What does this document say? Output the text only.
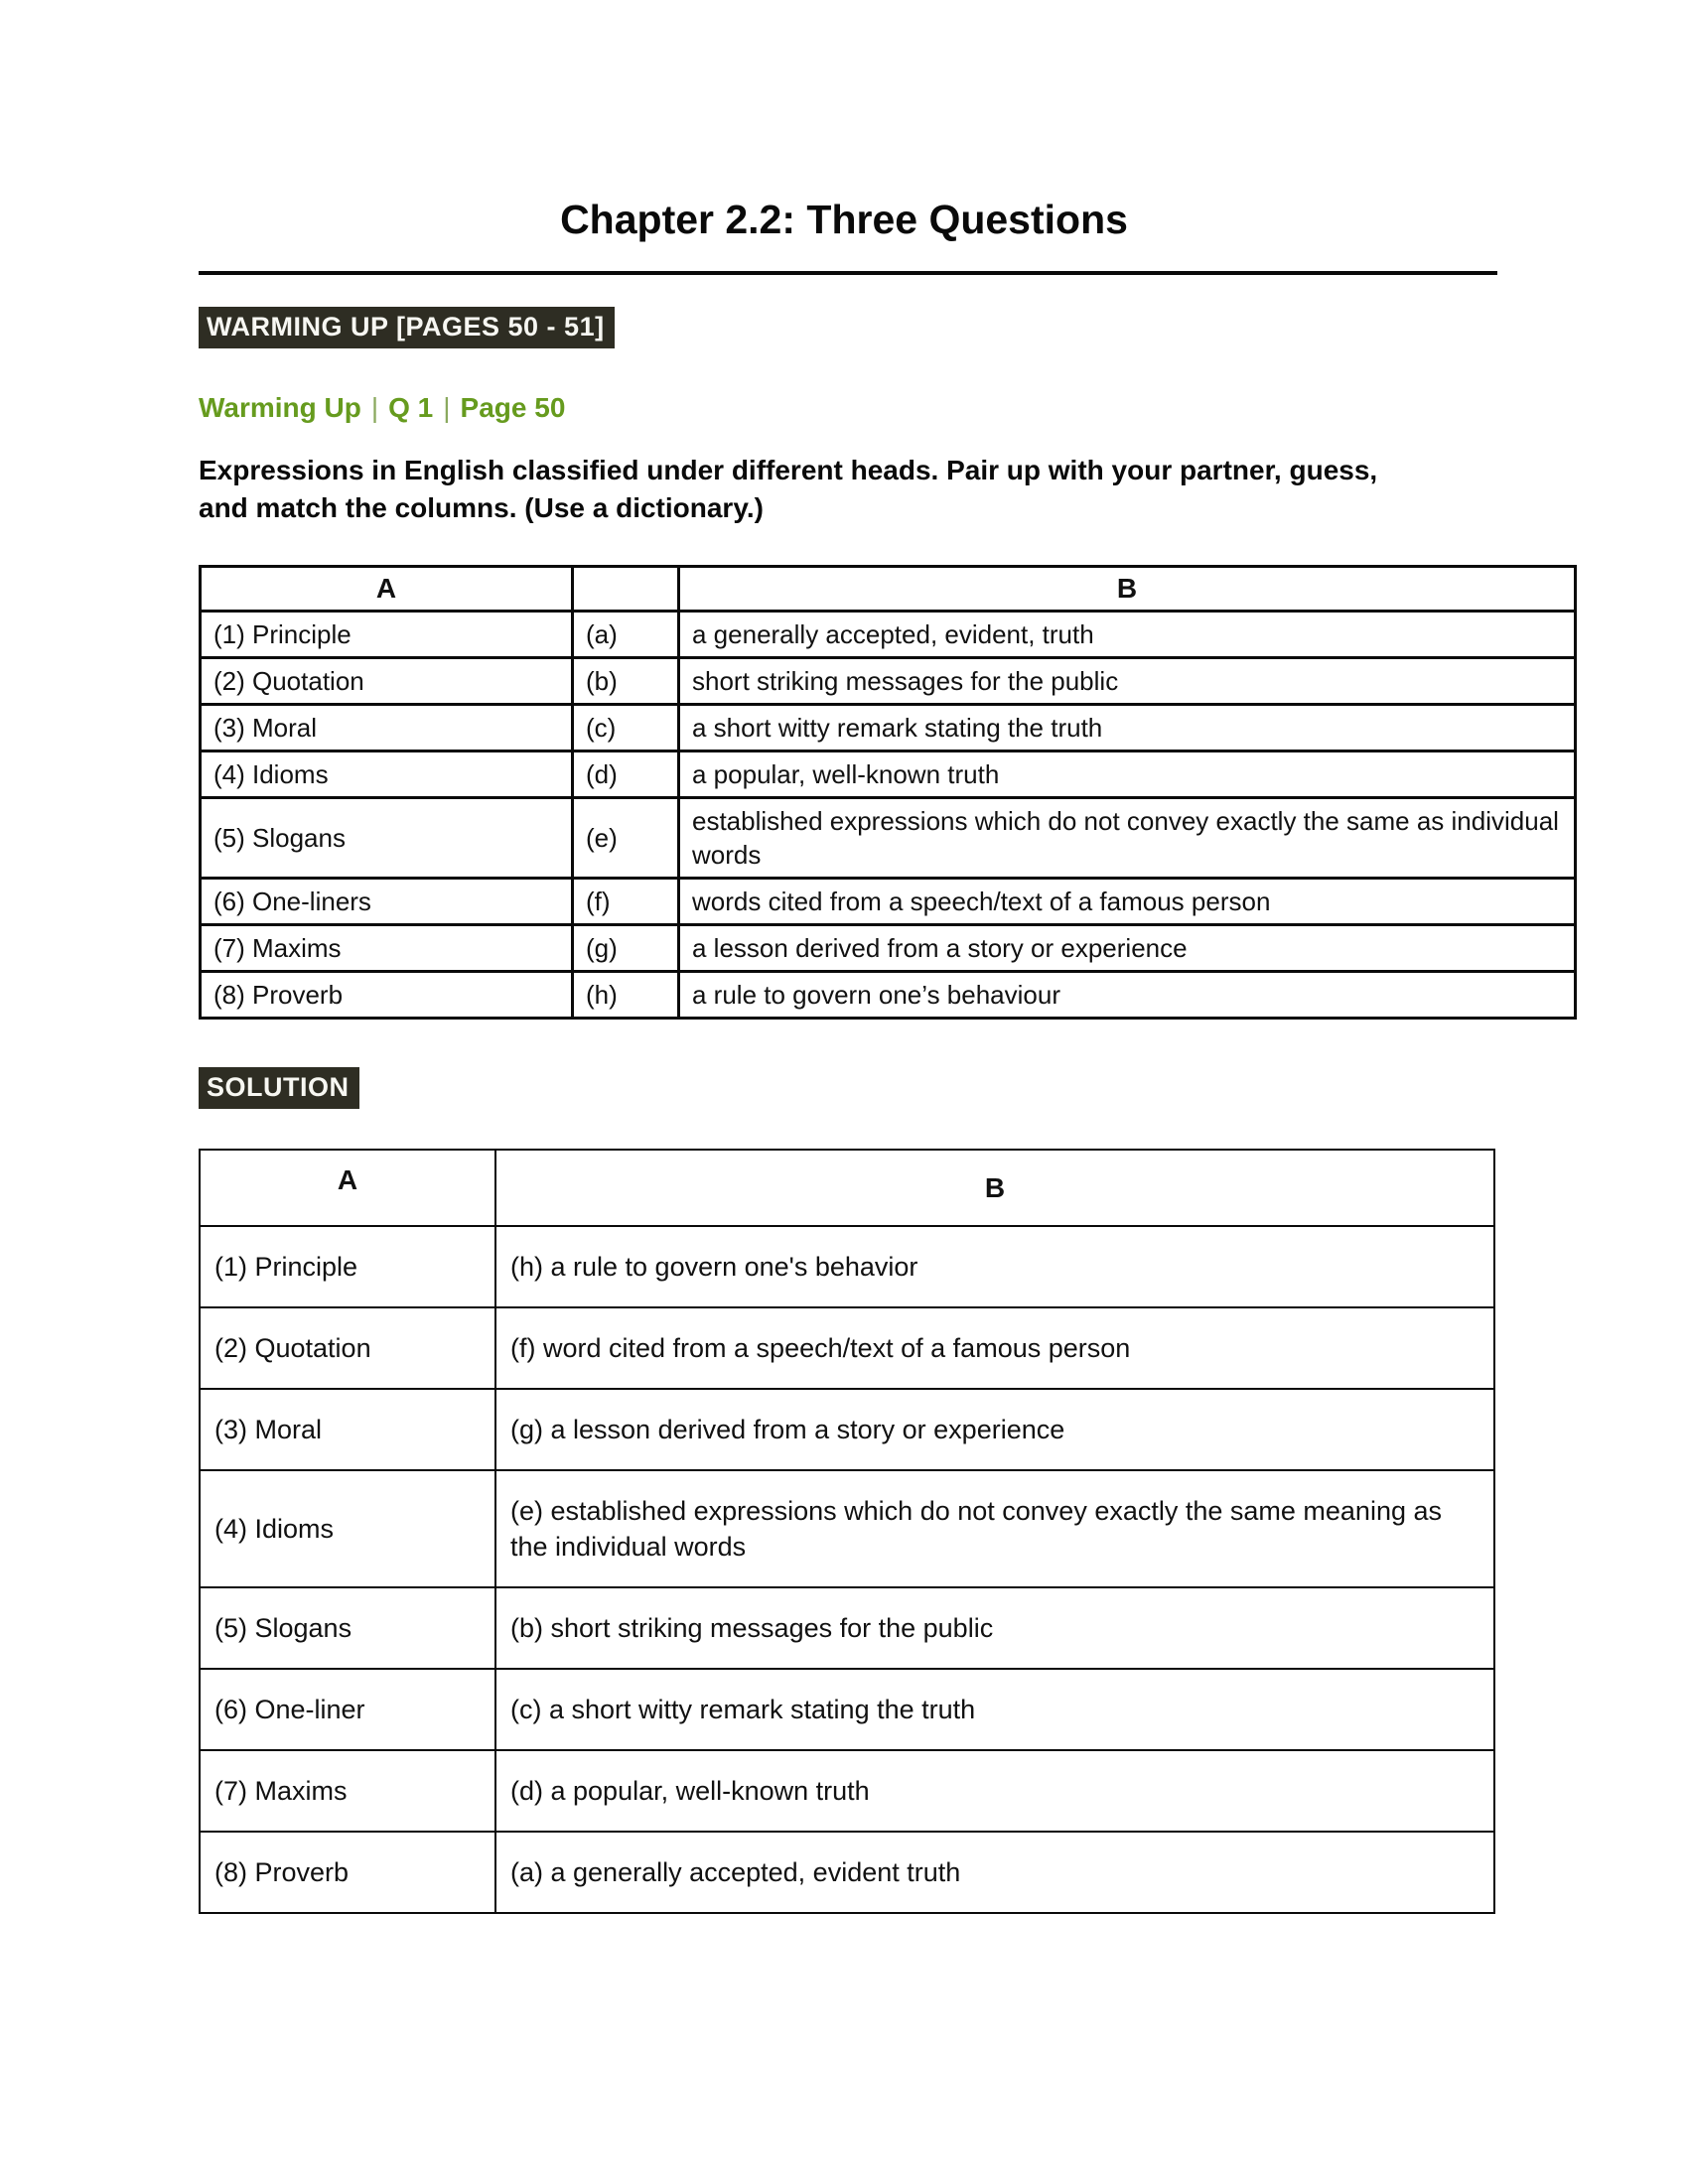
Chapter 2.2: Three Questions
WARMING UP [PAGES 50 - 51]
Warming Up | Q 1 | Page 50
Expressions in English classified under different heads. Pair up with your partner, guess, and match the columns. (Use a dictionary.)
A		B
(1) Principle	(a)	a generally accepted, evident, truth
(2) Quotation	(b)	short striking messages for the public
(3) Moral	(c)	a short witty remark stating the truth
(4) Idioms	(d)	a popular, well-known truth
(5) Slogans	(e)	established expressions which do not convey exactly the same as individual words
(6) One-liners	(f)	words cited from a speech/text of a famous person
(7) Maxims	(g)	a lesson derived from a story or experience
(8) Proverb	(h)	a rule to govern one’s behaviour
SOLUTION
A	B
(1) Principle	(h) a rule to govern one's behavior
(2) Quotation	(f) word cited from a speech/text of a famous person
(3) Moral	(g) a lesson derived from a story or experience
(4) Idioms	(e) established expressions which do not convey exactly the same meaning as the individual words
(5) Slogans	(b) short striking messages for the public
(6) One-liner	(c) a short witty remark stating the truth
(7) Maxims	(d) a popular, well-known truth
(8) Proverb	(a) a generally accepted, evident truth
